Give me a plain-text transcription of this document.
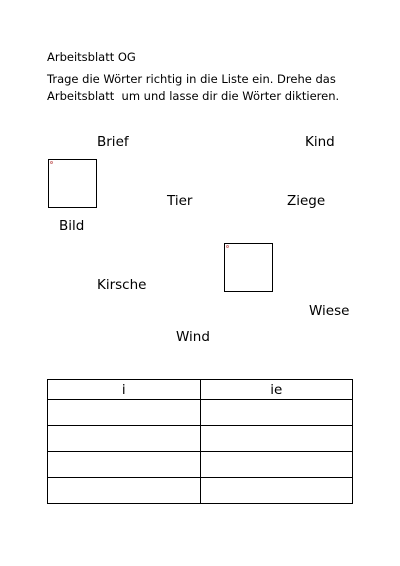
Arbeitsblatt OG
Trage die Wörter richtig in die Liste ein. Drehe das
Arbeitsblatt  um und lasse dir die Wörter diktieren.
Brief	Kind
Tier	Ziege
Bild
Kirsche
Wiese
Wind
i	ie
